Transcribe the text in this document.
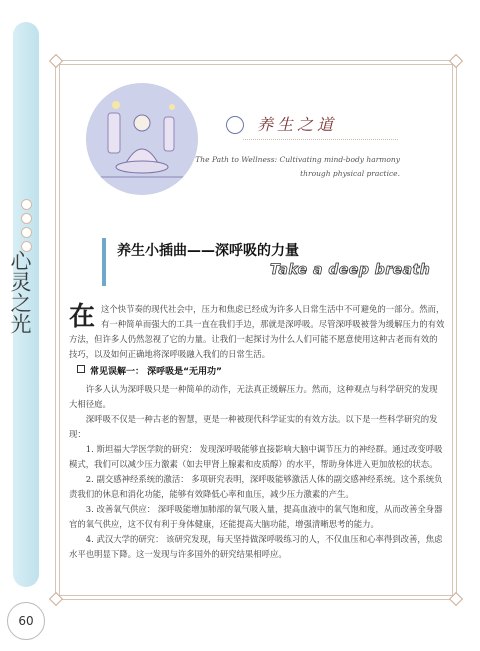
心灵之光
养生之道
The Path to Wellness: Cultivating mind-body harmony through physical practice.
养生小插曲——深呼吸的力量
Take a deep breath

在这个快节奏的现代社会中，压力和焦虑已经成为许多人日常生活中不可避免的一部分。然而，有一种简单而强大的工具一直在我们手边，那就是深呼吸。尽管深呼吸被誉为缓解压力的有效方法，但许多人仍然忽视了它的力量。让我们一起探讨为什么人们可能不愿意使用这种古老而有效的技巧，以及如何正确地将深呼吸融入我们的日常生活。

常见误解一： 深呼吸是“无用功”

许多人认为深呼吸只是一种简单的动作，无法真正缓解压力。然而，这种观点与科学研究的发现大相径庭。

深呼吸不仅是一种古老的智慧，更是一种被现代科学证实的有效方法。以下是一些科学研究的发现：

1. 斯坦福大学医学院的研究： 发现深呼吸能够直接影响大脑中调节压力的神经群。通过改变呼吸模式，我们可以减少压力激素（如去甲肾上腺素和皮质醇）的水平，帮助身体进入更加放松的状态。

2. 副交感神经系统的激活： 多项研究表明，深呼吸能够激活人体的副交感神经系统。这个系统负责我们的休息和消化功能，能够有效降低心率和血压，减少压力激素的产生。

3. 改善氧气供应： 深呼吸能增加肺部的氧气吸入量，提高血液中的氧气饱和度，从而改善全身器官的氧气供应，这不仅有利于身体健康，还能提高大脑功能，增强清晰思考的能力。

4. 武汉大学的研究： 该研究发现，每天坚持做深呼吸练习的人，不仅血压和心率得到改善，焦虑水平也明显下降。这一发现与许多国外的研究结果相呼应。

60
